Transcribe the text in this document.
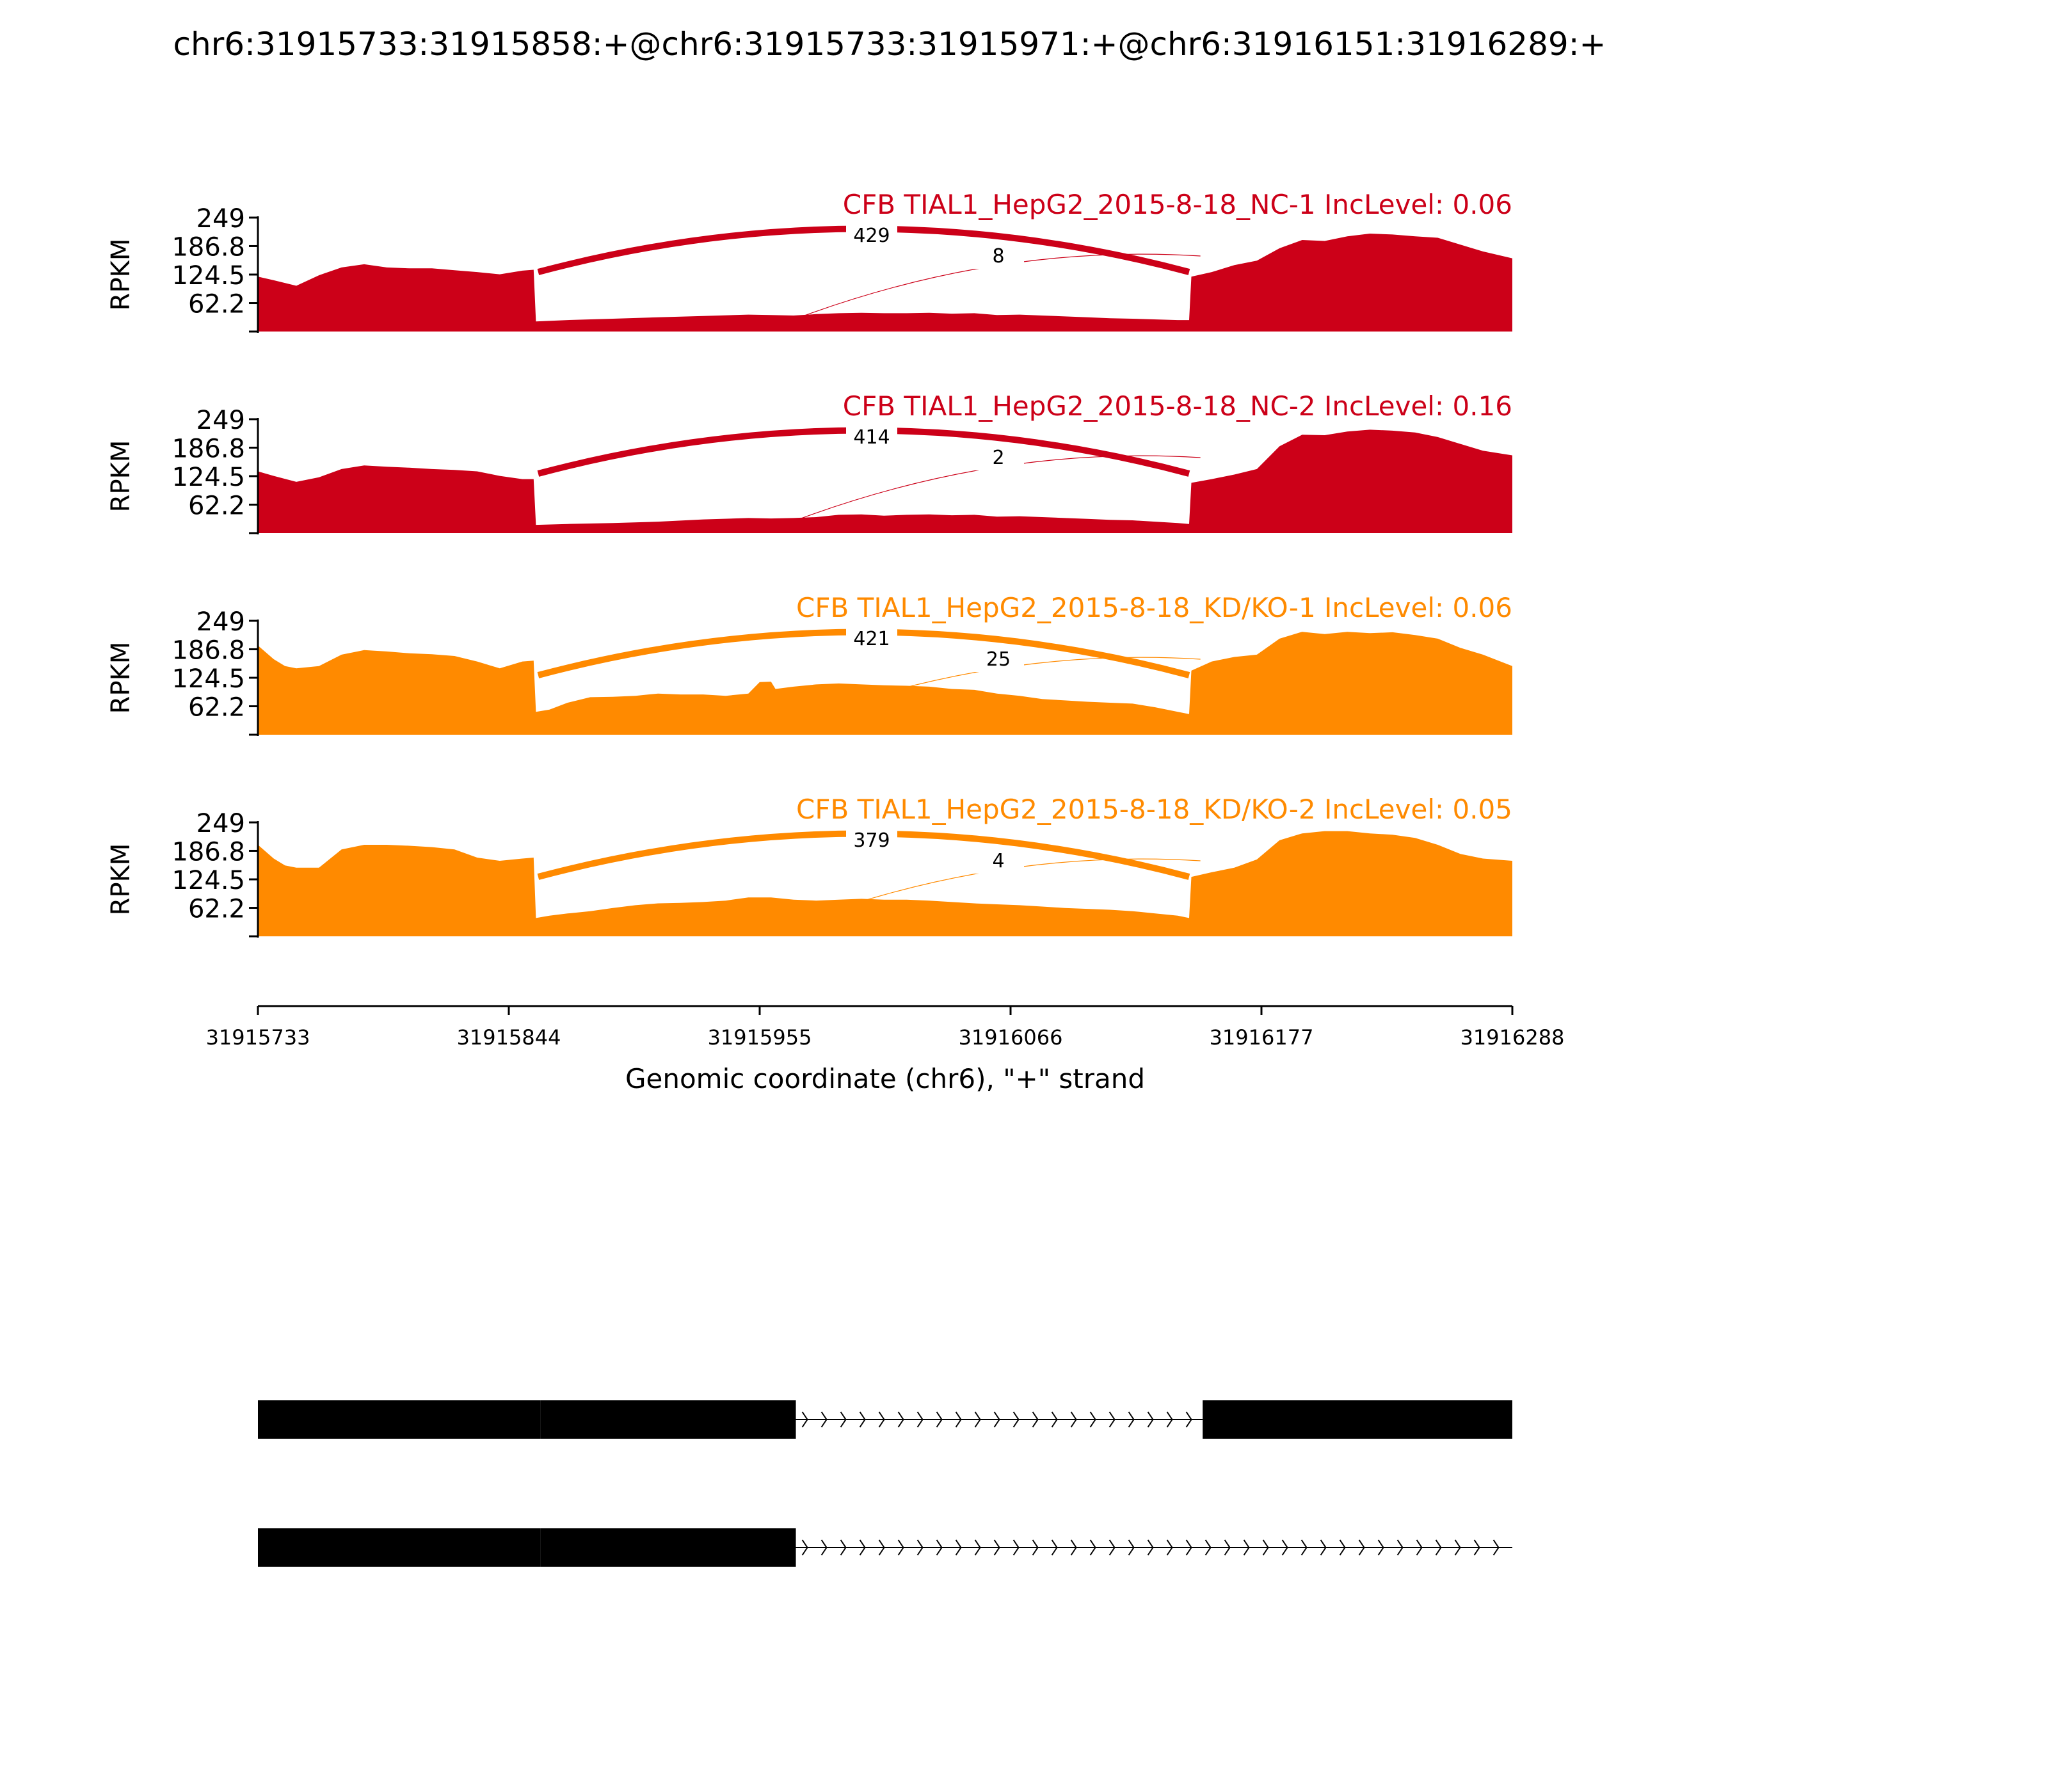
chr6:31915733:31915858:+@chr6:31915733:31915971:+@chr6:31916151:31916289:+
249
186.8
124.5
62.2
RPKM
CFB TIAL1_HepG2_2015-8-18_NC-1 IncLevel: 0.06
429
8
249
186.8
124.5
62.2
RPKM
CFB TIAL1_HepG2_2015-8-18_NC-2 IncLevel: 0.16
414
2
249
186.8
124.5
62.2
RPKM
CFB TIAL1_HepG2_2015-8-18_KD/KO-1 IncLevel: 0.06
421
25
249
186.8
124.5
62.2
RPKM
CFB TIAL1_HepG2_2015-8-18_KD/KO-2 IncLevel: 0.05
379
4
31915733	31915844	31915955	31916066	31916177	31916288
Genomic coordinate (chr6), "+" strand
